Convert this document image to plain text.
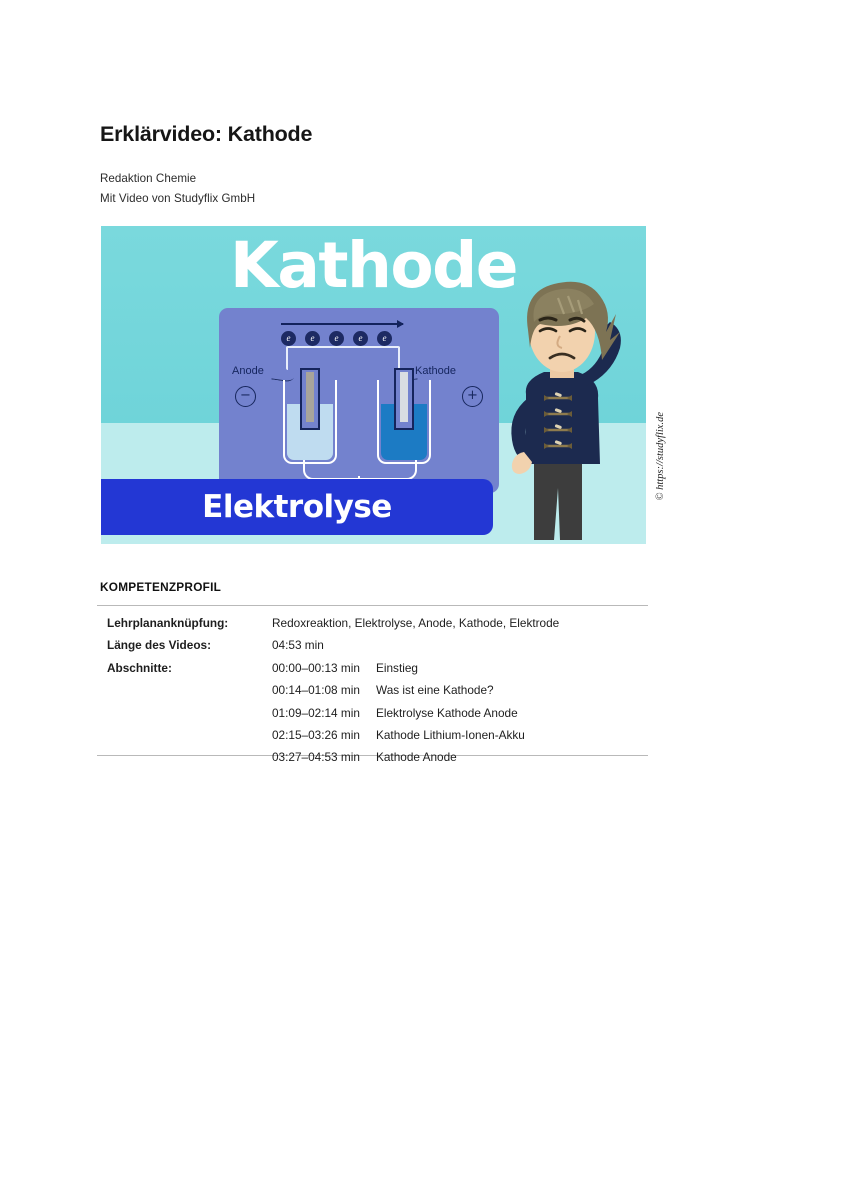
Erklärvideo: Kathode
Redaktion Chemie
Mit Video von Studyflix GmbH
Kathode
e	e	e	e	e
Anode	Kathode
−	+
Elektrolyse
© https://studyflix.de
KOMPETENZPROFIL
Lehrplananknüpfung:	Redoxreaktion, Elektrolyse, Anode, Kathode, Elektrode	
Länge des Videos:	04:53 min	
Abschnitte:	00:00–00:13 min	Einstieg
	00:14–01:08 min	Was ist eine Kathode?
	01:09–02:14 min	Elektrolyse Kathode Anode
	02:15–03:26 min	Kathode Lithium-Ionen-Akku
	03:27–04:53 min	Kathode Anode
